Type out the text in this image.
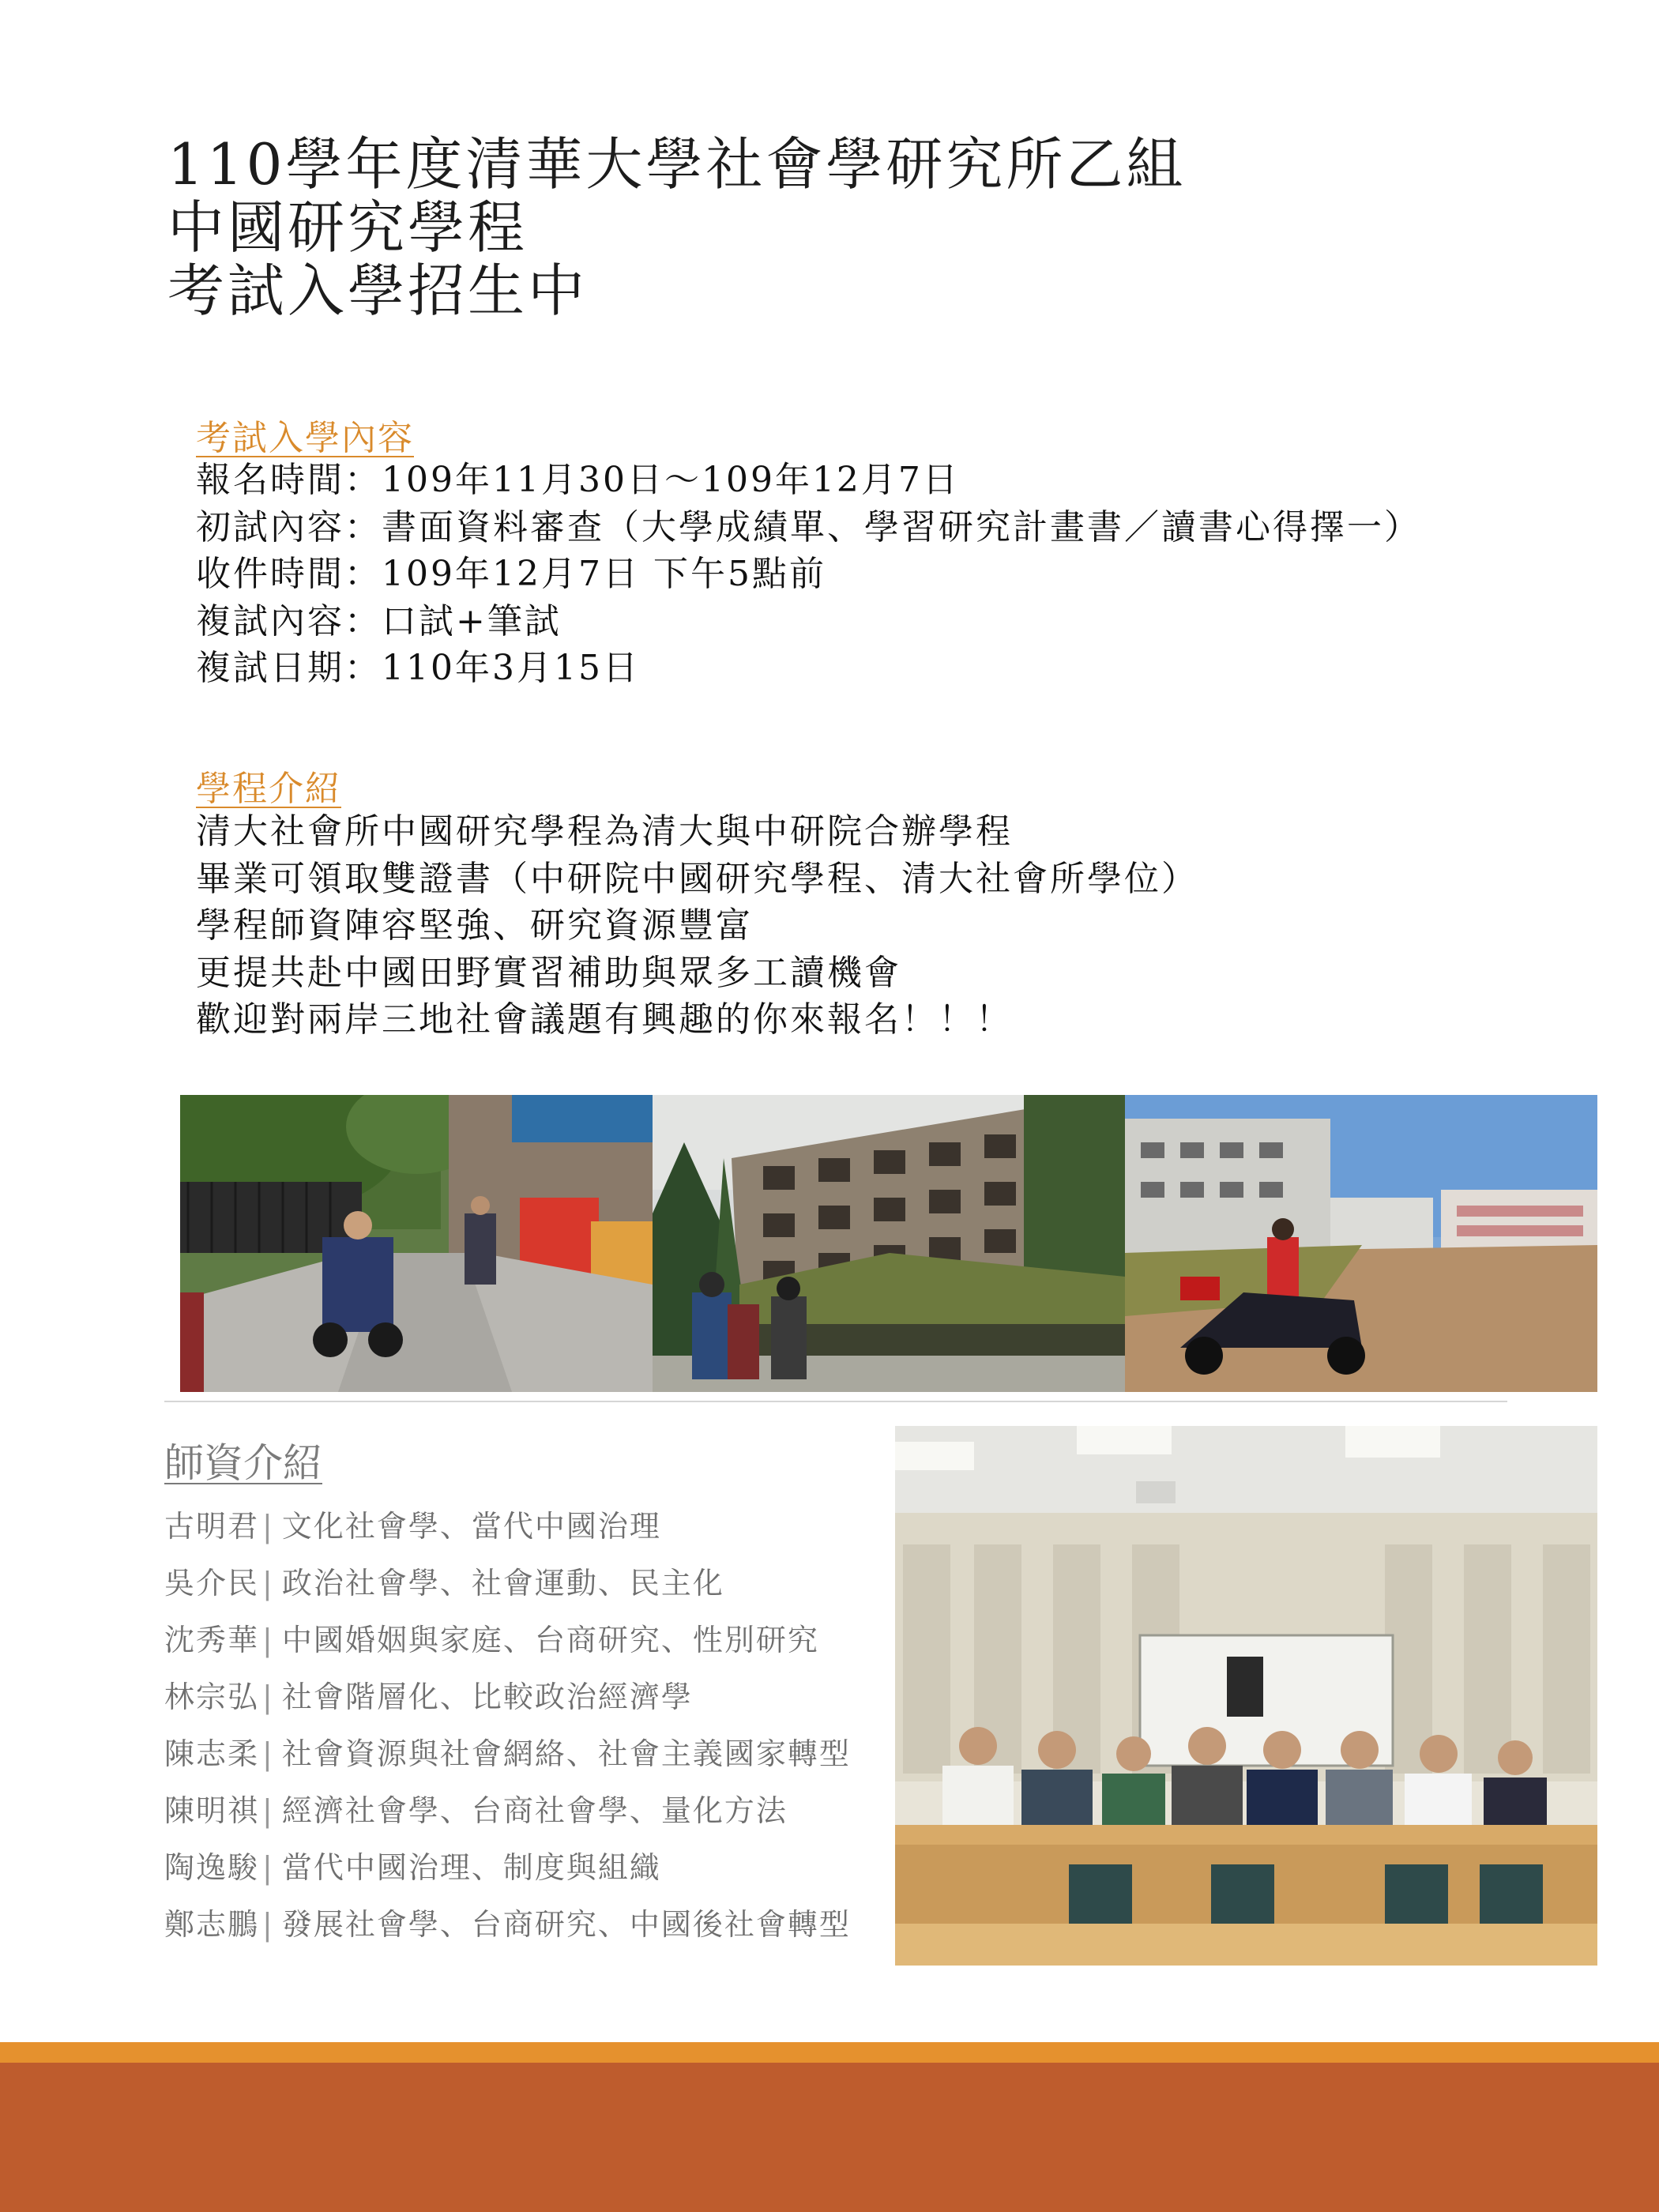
110學年度清華大學社會學研究所乙組
中國研究學程
考試入學招生中
考試入學內容
報名時間：109年11月30日～109年12月7日
初試內容：書面資料審查（大學成績單、學習研究計畫書／讀書心得擇一）
收件時間：109年12月7日 下午5點前
複試內容：口試+筆試
複試日期：110年3月15日
學程介紹
清大社會所中國研究學程為清大與中研院合辦學程
畢業可領取雙證書（中研院中國研究學程、清大社會所學位）
學程師資陣容堅強、研究資源豐富
更提共赴中國田野實習補助與眾多工讀機會
歡迎對兩岸三地社會議題有興趣的你來報名！！！
師資介紹
古明君 | 文化社會學、當代中國治理
吳介民 | 政治社會學、社會運動、民主化
沈秀華 | 中國婚姻與家庭、台商研究、性別研究
林宗弘 | 社會階層化、比較政治經濟學
陳志柔 | 社會資源與社會網絡、社會主義國家轉型
陳明祺 | 經濟社會學、台商社會學、量化方法
陶逸駿 | 當代中國治理、制度與組織
鄭志鵬 | 發展社會學、台商研究、中國後社會轉型
